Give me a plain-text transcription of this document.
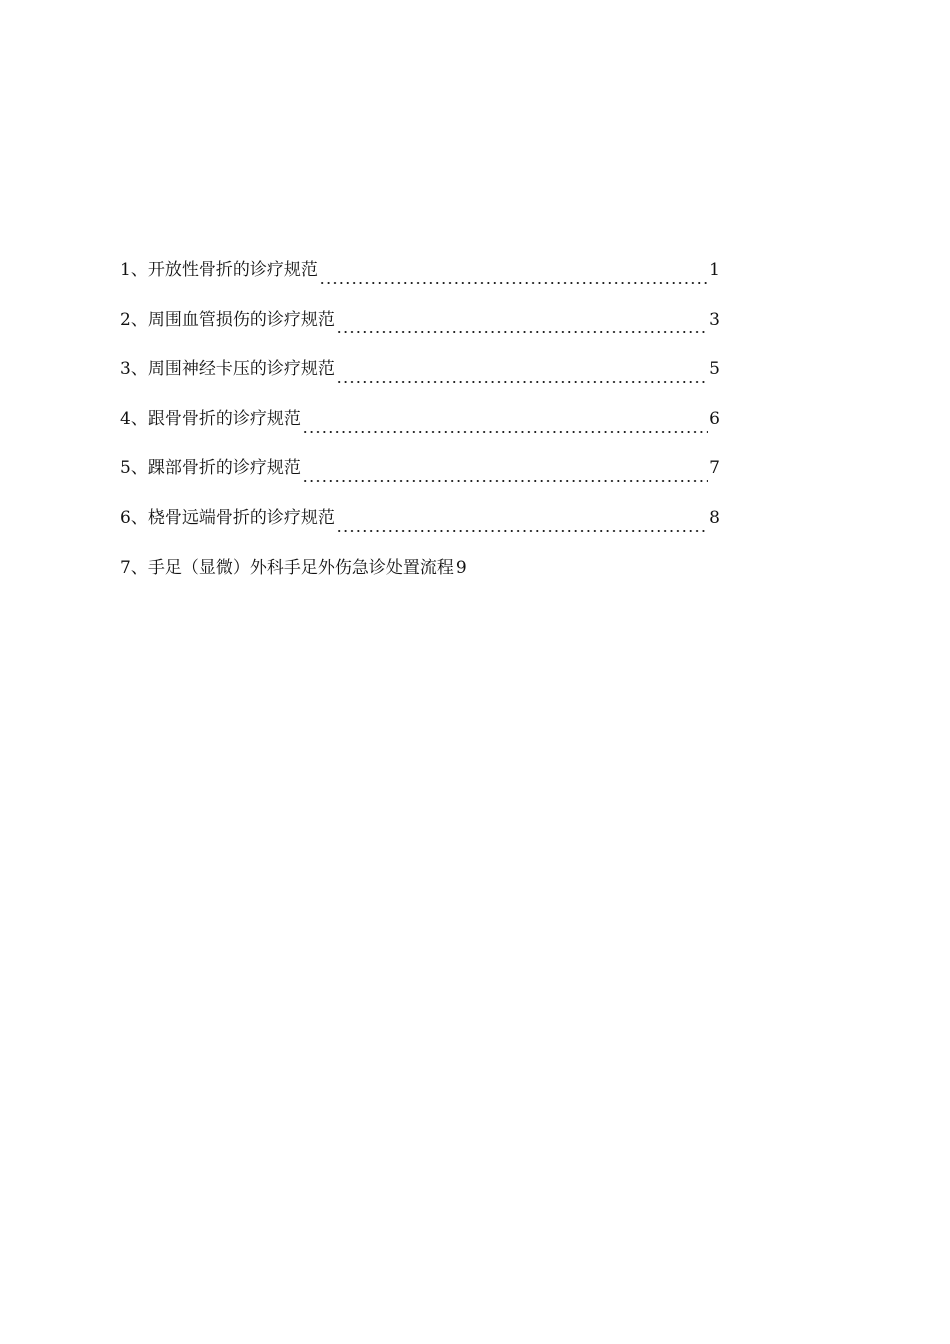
1、 开放性骨折的诊疗规范	1
2、 周围血管损伤的诊疗规范	3
3、 周围神经卡压的诊疗规范	5
4、 跟骨骨折的诊疗规范	6
5、 踝部骨折的诊疗规范	7
6、 桡骨远端骨折的诊疗规范	8
7、 手足（显微）外科手足外伤急诊处置流程 9
